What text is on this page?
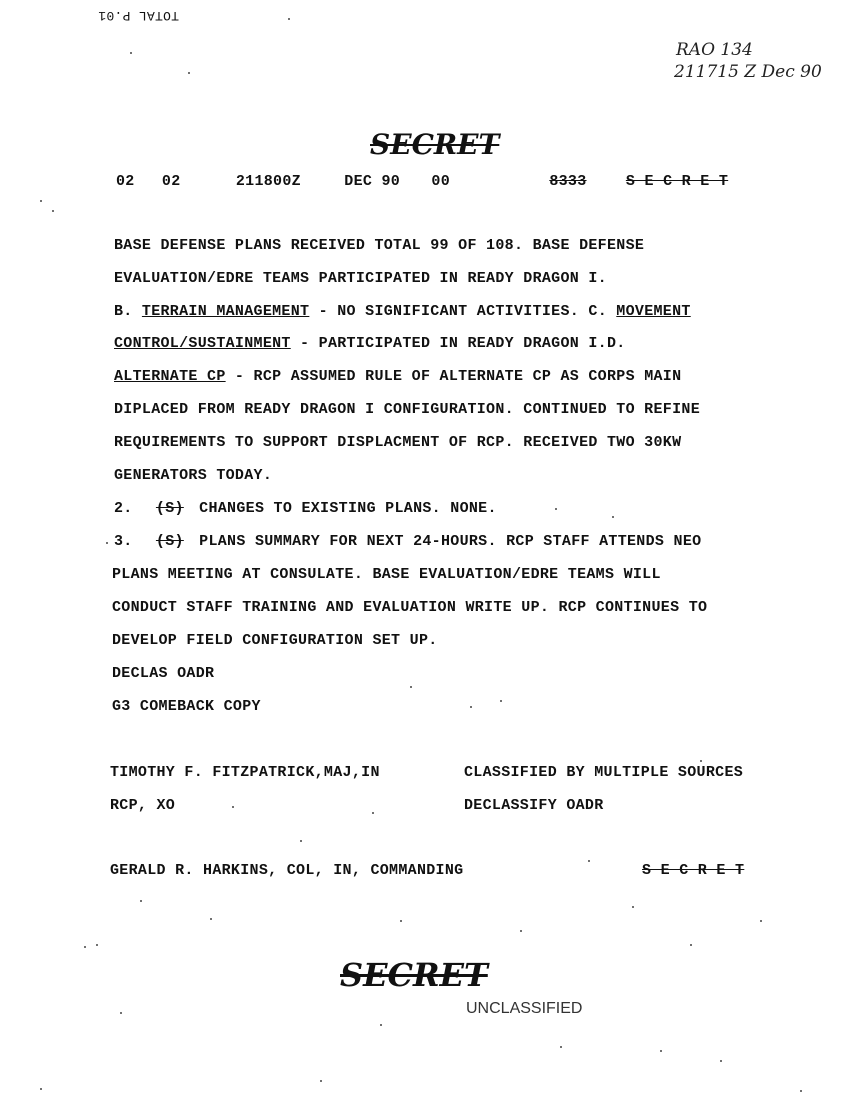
TOTAL P.01
RAO 134
211715 Z Dec 90
SECRET
02 02	211800Z	DEC 90 00	8333	S E C R E T
BASE DEFENSE PLANS RECEIVED TOTAL 99 OF 108. BASE DEFENSE
EVALUATION/EDRE TEAMS PARTICIPATED IN READY DRAGON I.
B. TERRAIN MANAGEMENT - NO SIGNIFICANT ACTIVITIES. C. MOVEMENT
CONTROL/SUSTAINMENT - PARTICIPATED IN READY DRAGON I.D.
ALTERNATE CP - RCP ASSUMED RULE OF ALTERNATE CP AS CORPS MAIN
DIPLACED FROM READY DRAGON I CONFIGURATION. CONTINUED TO REFINE
REQUIREMENTS TO SUPPORT DISPLACMENT OF RCP. RECEIVED TWO 30KW
GENERATORS TODAY.
2. (S) CHANGES TO EXISTING PLANS. NONE.
3. (S) PLANS SUMMARY FOR NEXT 24-HOURS. RCP STAFF ATTENDS NEO
PLANS MEETING AT CONSULATE. BASE EVALUATION/EDRE TEAMS WILL
CONDUCT STAFF TRAINING AND EVALUATION WRITE UP. RCP CONTINUES TO
DEVELOP FIELD CONFIGURATION SET UP.
DECLAS OADR
G3 COMEBACK COPY
TIMOTHY F. FITZPATRICK,MAJ,IN	CLASSIFIED BY MULTIPLE SOURCES
RCP, XO	DECLASSIFY OADR
GERALD R. HARKINS, COL, IN, COMMANDING	S E C R E T
SECRET
UNCLASSIFIED
